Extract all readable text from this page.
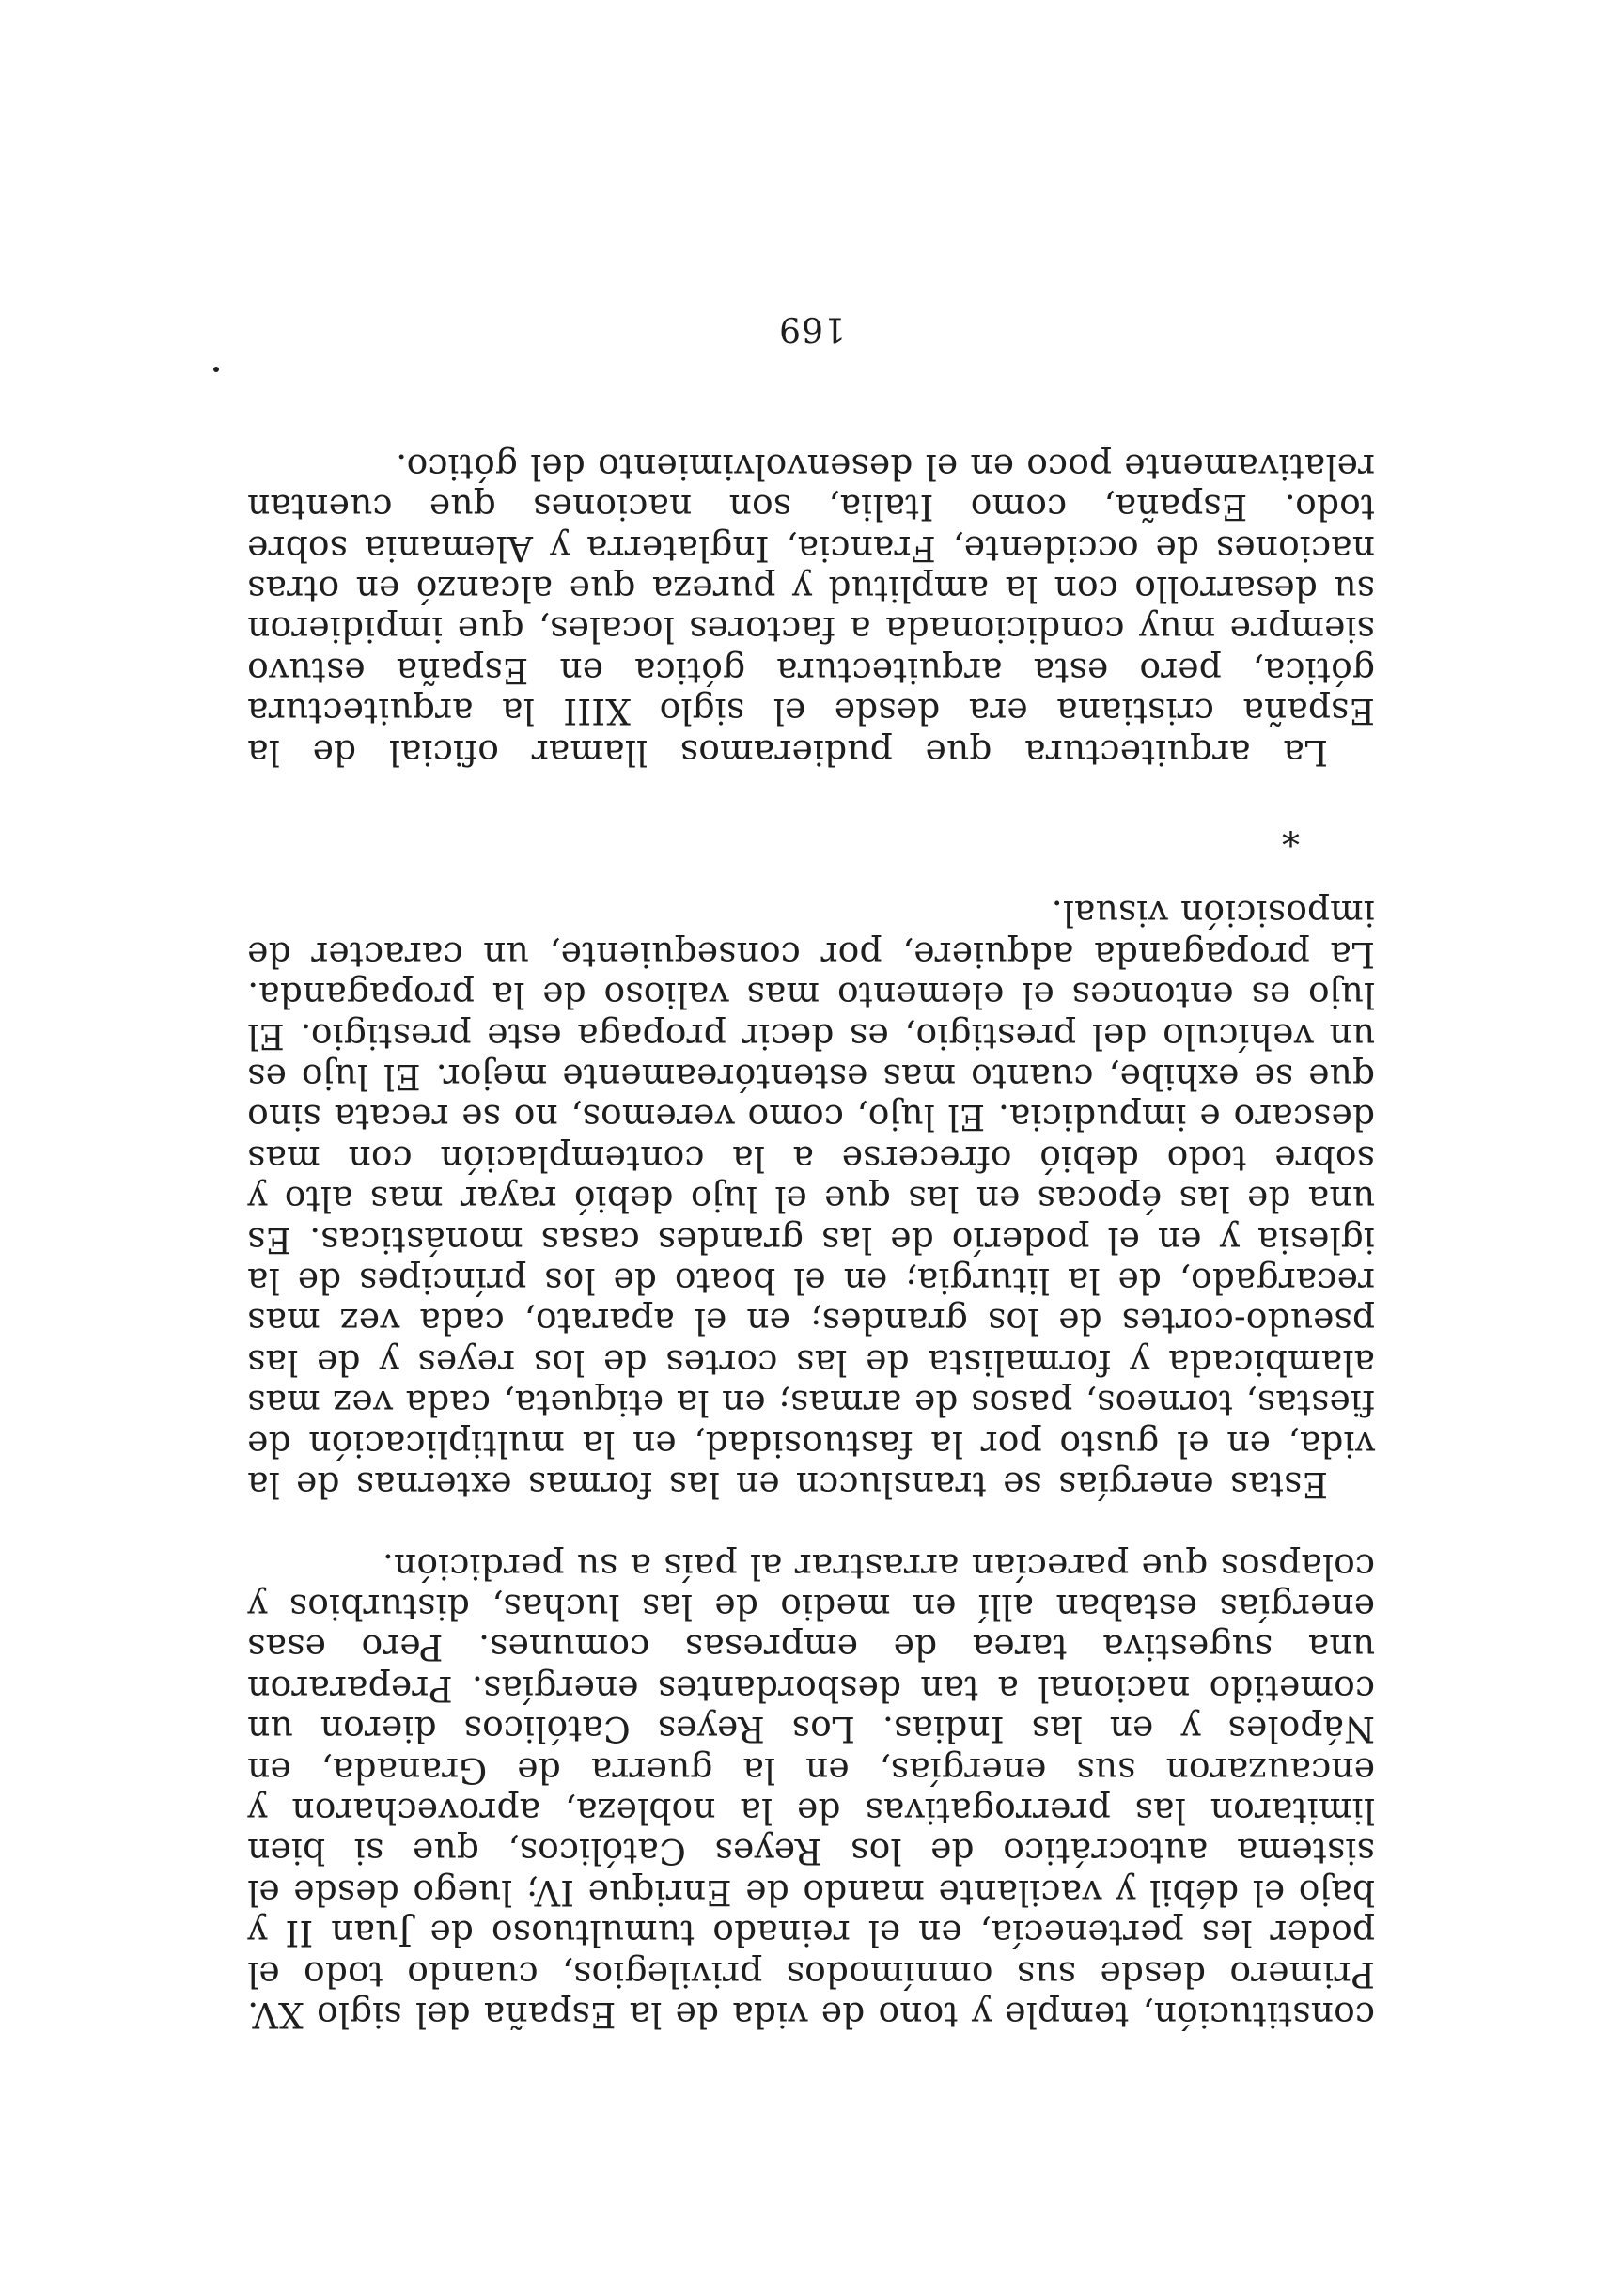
constitución, temple y tono de vida de la España del siglo XV. Primero desde sus omnímodos privilegios, cuando todo el poder les pertenecía, en el reinado tumultuoso de Juan II y bajo el débil y vacilante mando de Enrique IV; luego desde el sistema autocrático de los Reyes Católicos, que si bien limitaron las prerrogativas de la nobleza, aprovecharon y encauzaron sus energías, en la guerra de Granada, en Nápoles y en las Indias. Los Reyes Católicos dieron un cometido nacional a tan desbordantes energías. Prepararon una sugestiva tarea de empresas comunes. Pero esas energías estaban allí en medio de las luchas, disturbios y colapsos que parecían arrastrar al país a su perdición.

Estas energías se transluccn en las formas externas de la vida, en el gusto por la fastuosidad, en la multiplicación de fiestas, torneos, pasos de armas; en la etiqueta, cada vez mas alambicada y formalista de las cortes de los reyes y de las pseudo-cortes de los grandes; en el aparato, cada vez mas recargado, de la liturgia; en el boato de los príncipes de la iglesia y en el poderío de las grandes casas monásticas. Es una de las épocas en las que el lujo debió rayar mas alto y sobre todo debió ofrecerse a la contemplación con mas descaro e impudicia. El lujo, como veremos, no se recata sino que se exhibe, cuanto mas estentóreamente mejor. El lujo es un vehículo del prestigio, es decir propaga este prestigio. El lujo es entonces el elemento mas valioso de la propaganda. La propaganda adquiere, por consequiente, un caracter de imposición visual.

*

La arquitectura que pudieramos llamar oficial de la España cristiana era desde el siglo XIII la arquitectura gótica, pero esta arquitectura gótica en España estuvo siempre muy condicionada a factores locales, que impidieron su desarrollo con la amplitud y pureza que alcanzó en otras naciones de occidente, Francia, Inglaterra y Alemania sobre todo. España, como Italia, son naciones que cuentan relativamente poco en el desenvolvimiento del gótico.

169
